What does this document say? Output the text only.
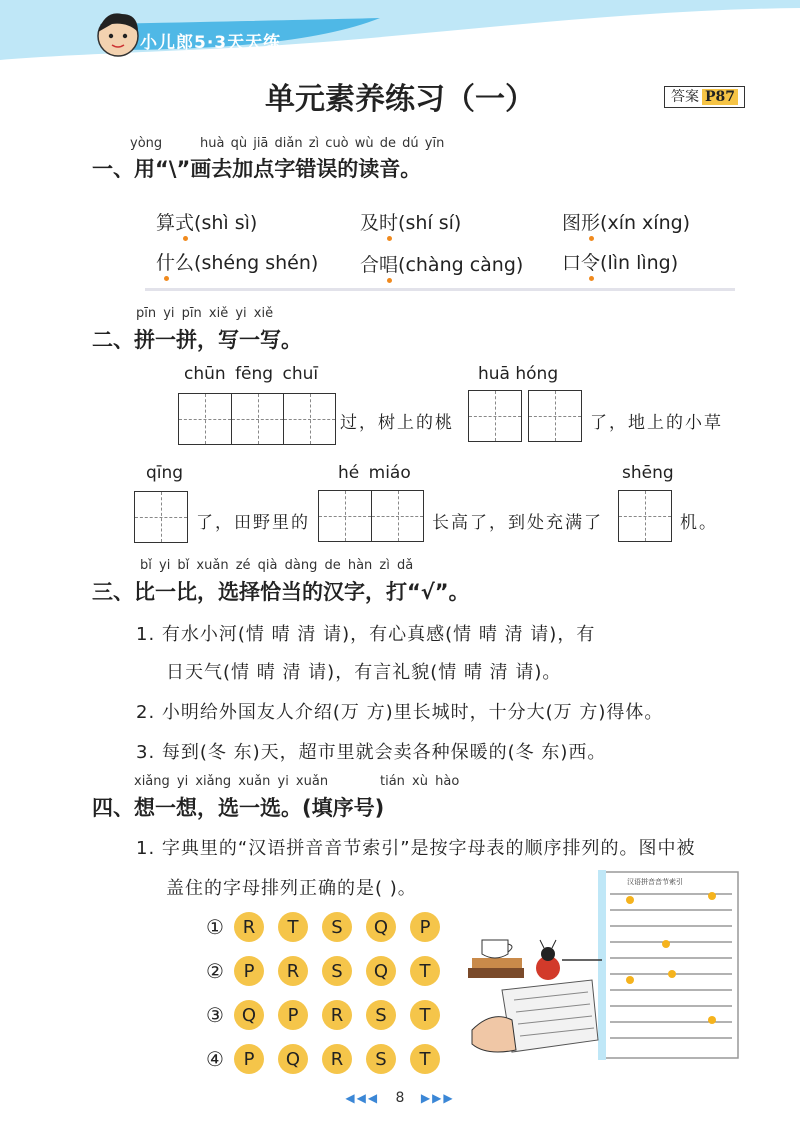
小儿郎5·3天天练
单元素养练习（一）	答案 P87
yòng	huà qù jiā diǎn zì cuò wù de dú yīn
一、用“\”画去加点字错误的读音。
算式(shì sì)	及时(shí sí)	图形(xín xíng)
什么(shéng shén) 合唱(chàng càng) 口令(lìn lìng)
pīn yi pīn xiě yi xiě
二、拼一拼，写一写。
chūn fēng chuī
过，树上的桃
huā hóng
了，地上的小草
qīng
了，田野里的
hé miáo
长高了，到处充满了
shēng
机。
bǐ yi bǐ xuǎn zé qià dàng de hàn zì dǎ
三、比一比，选择恰当的汉字，打“√”。
1. 有水小河(情 晴 清 请)，有心真感(情 晴 清 请)，有
日天气(情 晴 清 请)，有言礼貌(情 晴 清 请)。
2. 小明给外国友人介绍(万 方)里长城时，十分大(万 方)得体。
3. 每到(冬 东)天，超市里就会卖各种保暖的(冬 东)西。
xiǎng yi xiǎng xuǎn yi xuǎn	tián xù hào
四、想一想，选一选。(填序号)
1. 字典里的“汉语拼音音节索引”是按字母表的顺序排列的。图中被
盖住的字母排列正确的是( )。
①	R	T	S	Q	P
②	P	R	S	Q	T
③ Q	P	R	S	T
④	P	Q	R	S	T
汉语拼音音节索引
◀◀◀ 8 ▶▶▶
